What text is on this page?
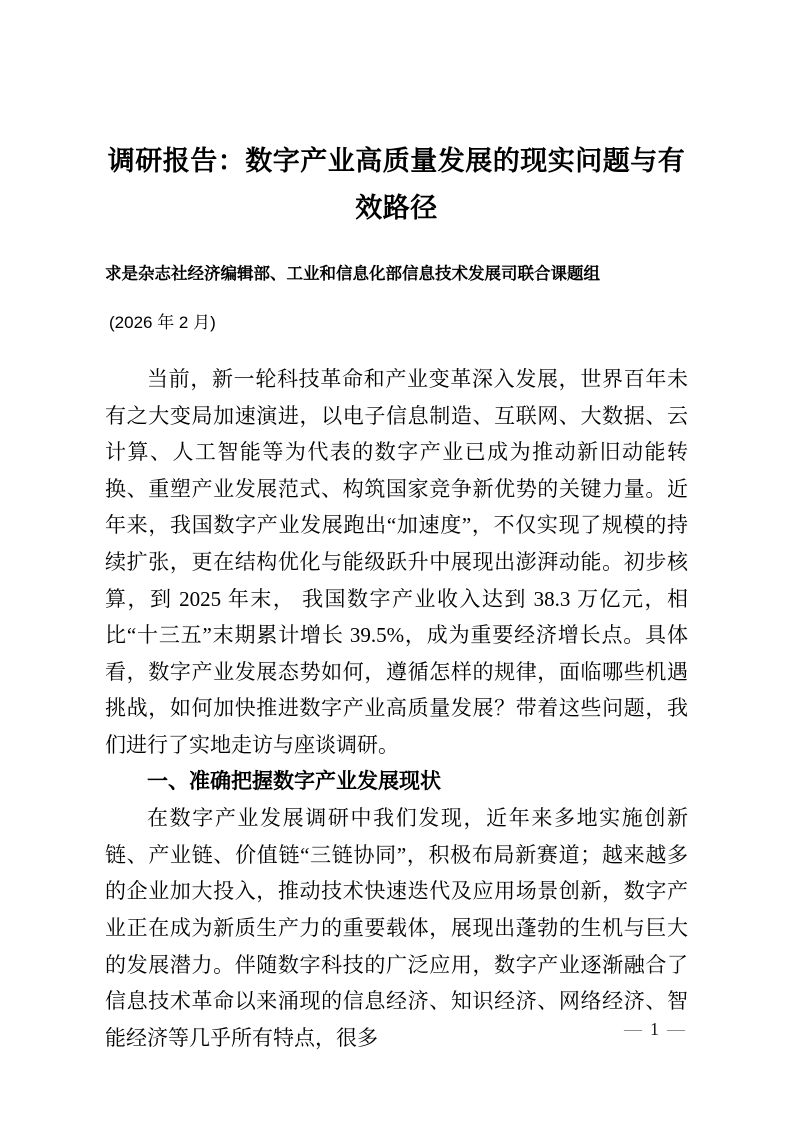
调研报告：数字产业高质量发展的现实问题与有效路径

求是杂志社经济编辑部、工业和信息化部信息技术发展司联合课题组

(2026 年 2 月)

当前，新一轮科技革命和产业变革深入发展，世界百年未有之大变局加速演进，以电子信息制造、互联网、大数据、云计算、人工智能等为代表的数字产业已成为推动新旧动能转换、重塑产业发展范式、构筑国家竞争新优势的关键力量。近年来，我国数字产业发展跑出“加速度”，不仅实现了规模的持续扩张，更在结构优化与能级跃升中展现出澎湃动能。初步核算，到 2025 年末， 我国数字产业收入达到 38.3 万亿元，相比“十三五”末期累计增长 39.5%，成为重要经济增长点。具体看，数字产业发展态势如何，遵循怎样的规律，面临哪些机遇挑战，如何加快推进数字产业高质量发展？带着这些问题，我们进行了实地走访与座谈调研。

一、准确把握数字产业发展现状

在数字产业发展调研中我们发现，近年来多地实施创新链、产业链、价值链“三链协同”，积极布局新赛道；越来越多的企业加大投入，推动技术快速迭代及应用场景创新，数字产业正在成为新质生产力的重要载体，展现出蓬勃的生机与巨大的发展潜力。伴随数字科技的广泛应用，数字产业逐渐融合了信息技术革命以来涌现的信息经济、知识经济、网络经济、智能经济等几乎所有特点，很多	— 1 —
